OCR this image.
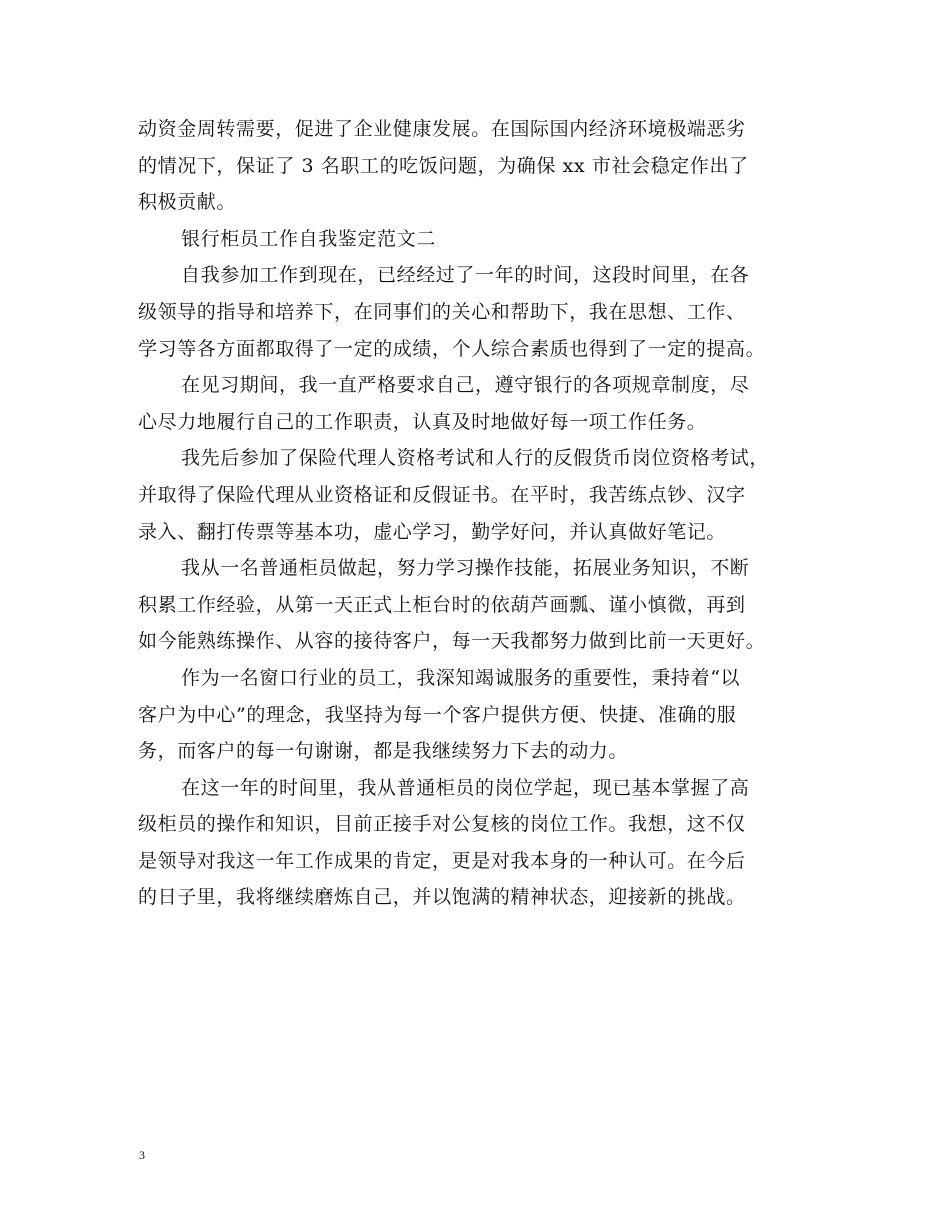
动资金周转需要，促进了企业健康发展。在国际国内经济环境极端恶劣
的情况下，保证了 3 名职工的吃饭问题，为确保 xx 市社会稳定作出了
积极贡献。
银行柜员工作自我鉴定范文二
自我参加工作到现在，已经经过了一年的时间，这段时间里，在各
级领导的指导和培养下，在同事们的关心和帮助下，我在思想、工作、
学习等各方面都取得了一定的成绩，个人综合素质也得到了一定的提高。
在见习期间，我一直严格要求自己，遵守银行的各项规章制度，尽
心尽力地履行自己的工作职责，认真及时地做好每一项工作任务。
我先后参加了保险代理人资格考试和人行的反假货币岗位资格考试，
并取得了保险代理从业资格证和反假证书。在平时，我苦练点钞、汉字
录入、翻打传票等基本功，虚心学习，勤学好问，并认真做好笔记。
我从一名普通柜员做起，努力学习操作技能，拓展业务知识，不断
积累工作经验，从第一天正式上柜台时的依葫芦画瓢、谨小慎微，再到
如今能熟练操作、从容的接待客户，每一天我都努力做到比前一天更好。
作为一名窗口行业的员工，我深知竭诚服务的重要性，秉持着“以
客户为中心”的理念，我坚持为每一个客户提供方便、快捷、准确的服
务，而客户的每一句谢谢，都是我继续努力下去的动力。
在这一年的时间里，我从普通柜员的岗位学起，现已基本掌握了高
级柜员的操作和知识，目前正接手对公复核的岗位工作。我想，这不仅
是领导对我这一年工作成果的肯定，更是对我本身的一种认可。在今后
的日子里，我将继续磨炼自己，并以饱满的精神状态，迎接新的挑战。
3
